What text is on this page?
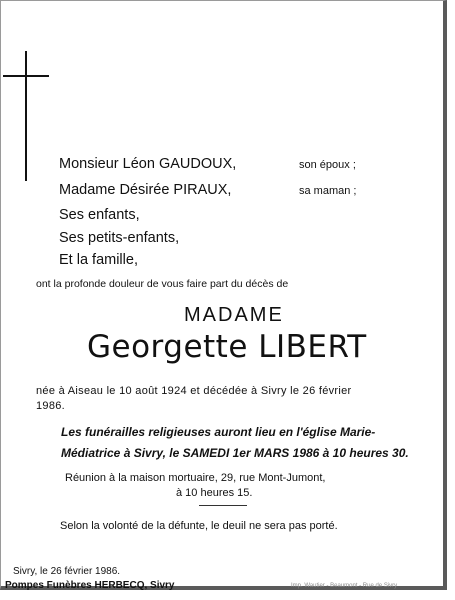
Monsieur Léon GAUDOUX,	son époux ;
Madame Désirée PIRAUX,	sa maman ;
Ses enfants,
Ses petits-enfants,
Et la famille,
ont la profonde douleur de vous faire part du décès de
MADAME
Georgette LIBERT
née à Aiseau le 10 août 1924 et décédée à Sivry le 26 février
1986.
Les funérailles religieuses auront lieu en l'église Marie-
Médiatrice à Sivry, le SAMEDI 1er MARS 1986 à 10 heures 30.
Réunion à la maison mortuaire, 29, rue Mont-Jumont,
à 10 heures 15.
Selon la volonté de la défunte, le deuil ne sera pas porté.
Sivry, le 26 février 1986.
Pompes Funèbres HERBECQ, Sivry	Imp. Wautier - Beaumont - Rue de Sivry
